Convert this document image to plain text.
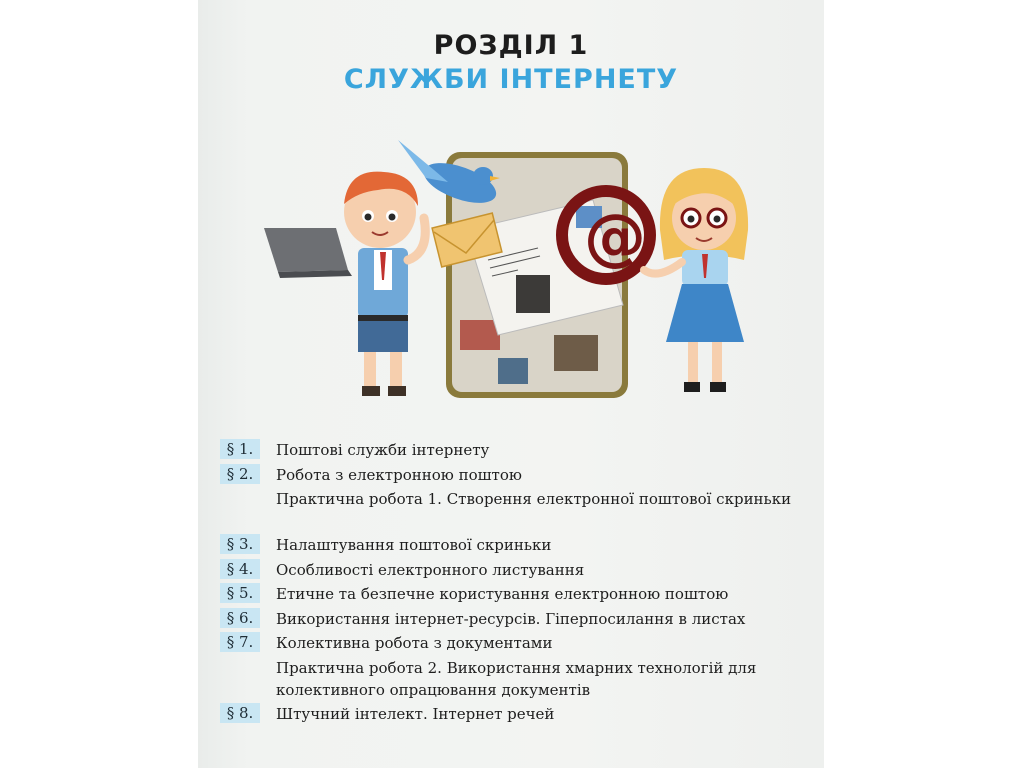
РОЗДІЛ 1
СЛУЖБИ ІНТЕРНЕТУ
@
§ 1.	Поштові служби інтернету
§ 2.	Робота з електронною поштою
Практична робота 1. Створення електронної поштової скриньки
§ 3.	Налаштування поштової скриньки
§ 4.	Особливості електронного листування
§ 5.	Етичне та безпечне користування електронною поштою
§ 6.	Використання інтернет-ресурсів. Гіперпосилання в листах
§ 7.	Колективна робота з документами
Практична робота 2. Використання хмарних технологій для колективного опрацювання документів
§ 8.	Штучний інтелект. Інтернет речей
